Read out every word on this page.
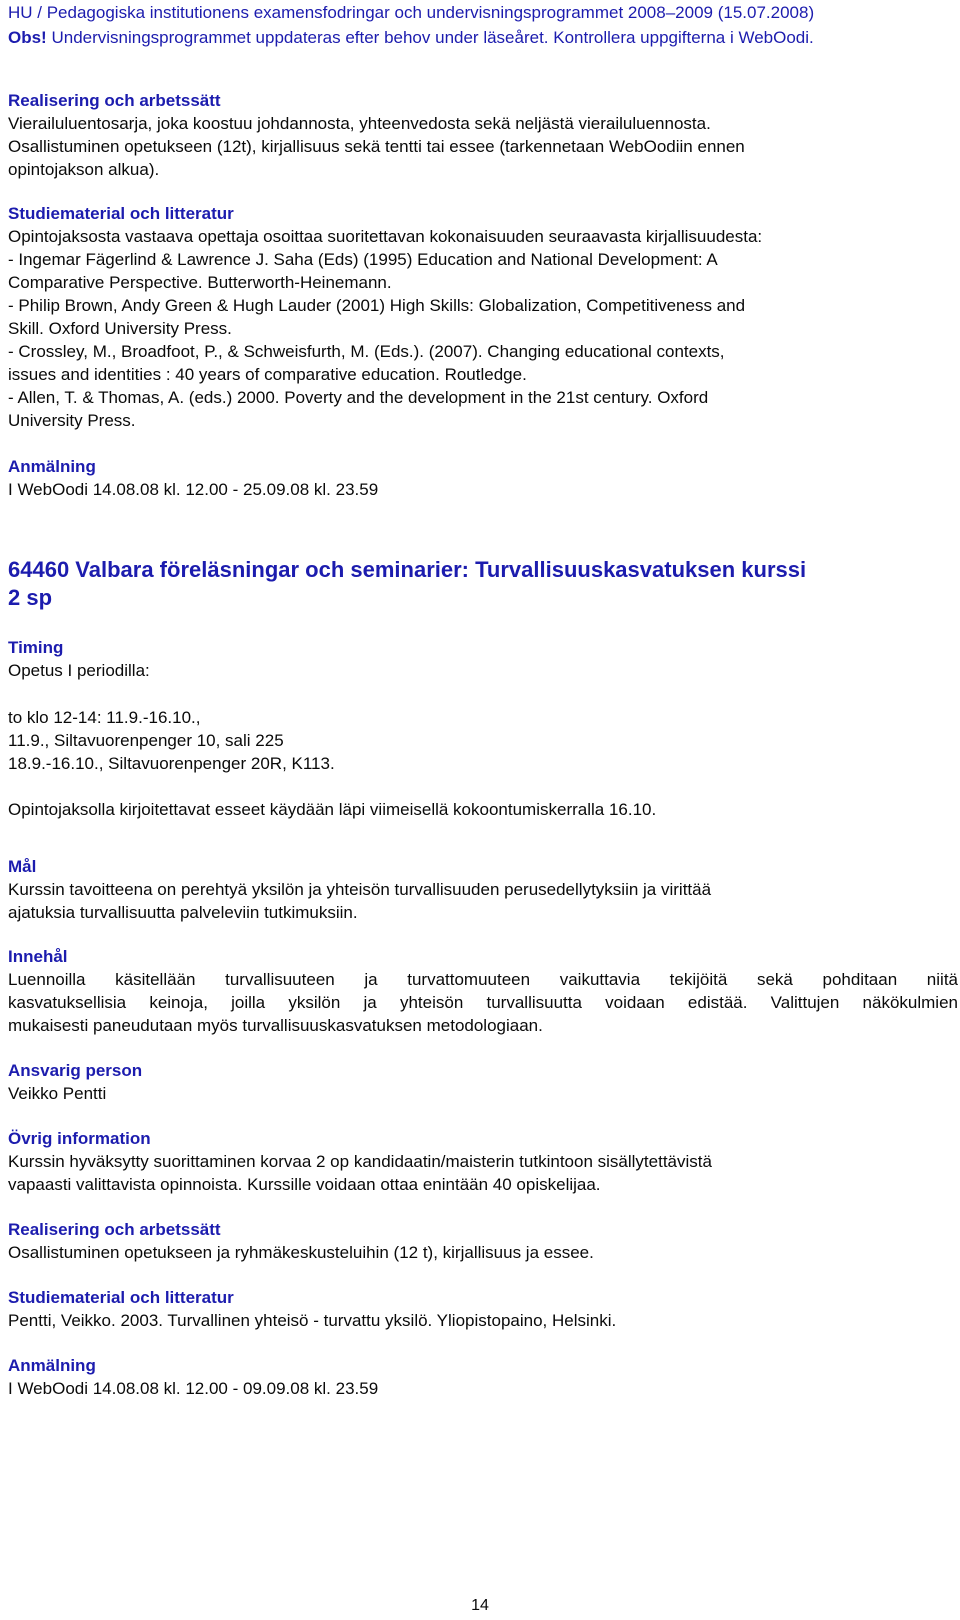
HU / Pedagogiska institutionens examensfodringar och undervisningsprogrammet 2008–2009 (15.07.2008)
Obs! Undervisningsprogrammet uppdateras efter behov under läseåret. Kontrollera uppgifterna i WebOodi.
Realisering och arbetssätt
Vierailuluentosarja, joka koostuu johdannosta, yhteenvedosta sekä neljästä vierailuluennosta.
Osallistuminen opetukseen (12t), kirjallisuus sekä tentti tai essee (tarkennetaan WebOodiin ennen
opintojakson alkua).
Studiematerial och litteratur
Opintojaksosta vastaava opettaja osoittaa suoritettavan kokonaisuuden seuraavasta kirjallisuudesta:
- Ingemar Fägerlind & Lawrence J. Saha (Eds) (1995) Education and National Development: A
Comparative Perspective. Butterworth-Heinemann.
- Philip Brown, Andy Green & Hugh Lauder (2001) High Skills: Globalization, Competitiveness and
Skill. Oxford University Press.
- Crossley, M., Broadfoot, P., & Schweisfurth, M. (Eds.). (2007). Changing educational contexts,
issues and identities : 40 years of comparative education. Routledge.
- Allen, T. & Thomas, A. (eds.) 2000. Poverty and the development in the 21st century. Oxford
University Press.
Anmälning
I WebOodi 14.08.08 kl. 12.00 - 25.09.08 kl. 23.59
64460 Valbara föreläsningar och seminarier: Turvallisuuskasvatuksen kurssi
2 sp
Timing
Opetus I periodilla:
to klo 12-14: 11.9.-16.10.,
11.9., Siltavuorenpenger 10, sali 225
18.9.-16.10., Siltavuorenpenger 20R, K113.
Opintojaksolla kirjoitettavat esseet käydään läpi viimeisellä kokoontumiskerralla 16.10.
Mål
Kurssin tavoitteena on perehtyä yksilön ja yhteisön turvallisuuden perusedellytyksiin ja virittää
ajatuksia turvallisuutta palveleviin tutkimuksiin.
Innehål
Luennoilla käsitellään turvallisuuteen ja turvattomuuteen vaikuttavia tekijöitä sekä pohditaan niitä
kasvatuksellisia keinoja, joilla yksilön ja yhteisön turvallisuutta voidaan edistää. Valittujen näkökulmien
mukaisesti paneudutaan myös turvallisuuskasvatuksen metodologiaan.
Ansvarig person
Veikko Pentti
Övrig information
Kurssin hyväksytty suorittaminen korvaa 2 op kandidaatin/maisterin tutkintoon sisällytettävistä
vapaasti valittavista opinnoista. Kurssille voidaan ottaa enintään 40 opiskelijaa.
Realisering och arbetssätt
Osallistuminen opetukseen ja ryhmäkeskusteluihin (12 t), kirjallisuus ja essee.
Studiematerial och litteratur
Pentti, Veikko. 2003. Turvallinen yhteisö - turvattu yksilö. Yliopistopaino, Helsinki.
Anmälning
I WebOodi 14.08.08 kl. 12.00 - 09.09.08 kl. 23.59
14
